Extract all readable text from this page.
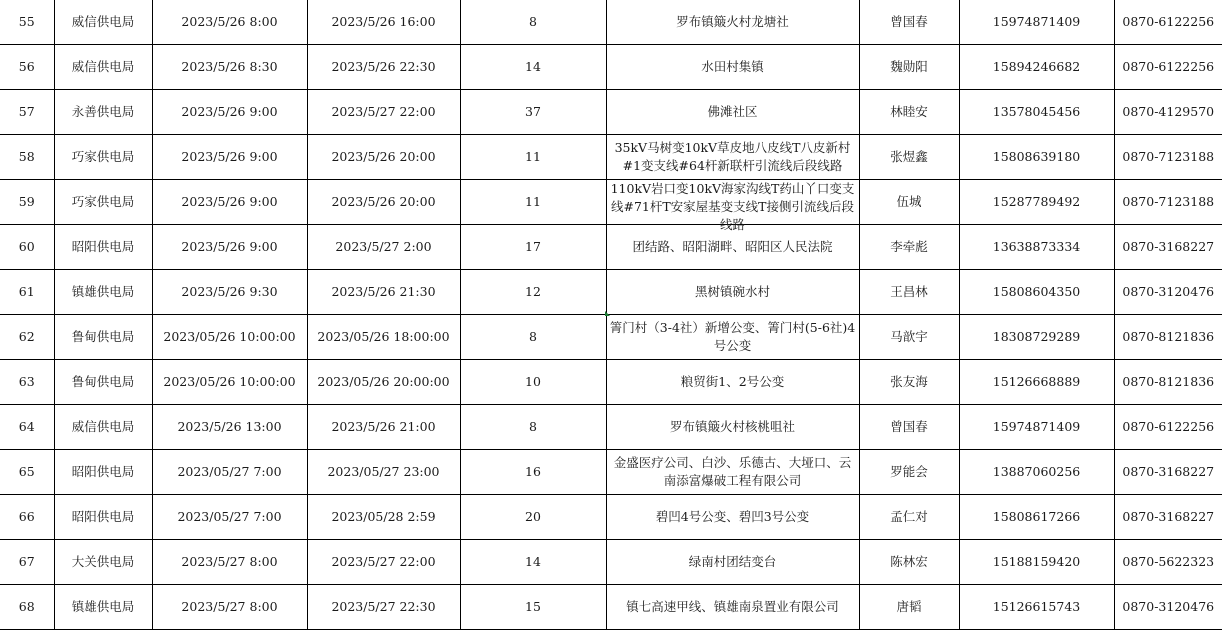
55	威信供电局	2023/5/26 8:00	2023/5/26 16:00	8	罗布镇簸火村龙塘社	曾国春	15974871409	0870-6122256
56	威信供电局	2023/5/26 8:30	2023/5/26 22:30	14	水田村集镇	魏勋阳	15894246682	0870-6122256
57	永善供电局	2023/5/26 9:00	2023/5/27 22:00	37	佛滩社区	林睦安	13578045456	0870-4129570
58	巧家供电局	2023/5/26 9:00	2023/5/26 20:00	11	35kV马树变10kV草皮地八皮线T八皮新村#1变支线#64杆新联杆引流线后段线路	张煜鑫	15808639180	0870-7123188
59	巧家供电局	2023/5/26 9:00	2023/5/26 20:00	11	110kV岩口变10kV海家沟线T药山丫口变支线#71杆T安家屋基变支线T接侧引流线后段线路	伍城	15287789492	0870-7123188
60	昭阳供电局	2023/5/26 9:00	2023/5/27 2:00	17	团结路、昭阳湖畔、昭阳区人民法院	李牵彪	13638873334	0870-3168227
61	镇雄供电局	2023/5/26 9:30	2023/5/26 21:30	12	黑树镇碗水村	王昌林	15808604350	0870-3120476
62	鲁甸供电局	2023/05/26 10:00:00	2023/05/26 18:00:00	8	箐门村（3-4社）新增公变、箐门村(5-6社)4号公变	马歆宇	18308729289	0870-8121836
63	鲁甸供电局	2023/05/26 10:00:00	2023/05/26 20:00:00	10	粮贸街1、2号公变	张友海	15126668889	0870-8121836
64	威信供电局	2023/5/26 13:00	2023/5/26 21:00	8	罗布镇簸火村核桃咀社	曾国春	15974871409	0870-6122256
65	昭阳供电局	2023/05/27 7:00	2023/05/27 23:00	16	金盛医疗公司、白沙、乐德古、大垭口、云南添富爆破工程有限公司	罗能会	13887060256	0870-3168227
66	昭阳供电局	2023/05/27 7:00	2023/05/28 2:59	20	碧凹4号公变、碧凹3号公变	孟仁对	15808617266	0870-3168227
67	大关供电局	2023/5/27 8:00	2023/5/27 22:00	14	绿南村团结变台	陈林宏	15188159420	0870-5622323
68	镇雄供电局	2023/5/27 8:00	2023/5/27 22:30	15	镇七高速甲线、镇雄南泉置业有限公司	唐韬	15126615743	0870-3120476
